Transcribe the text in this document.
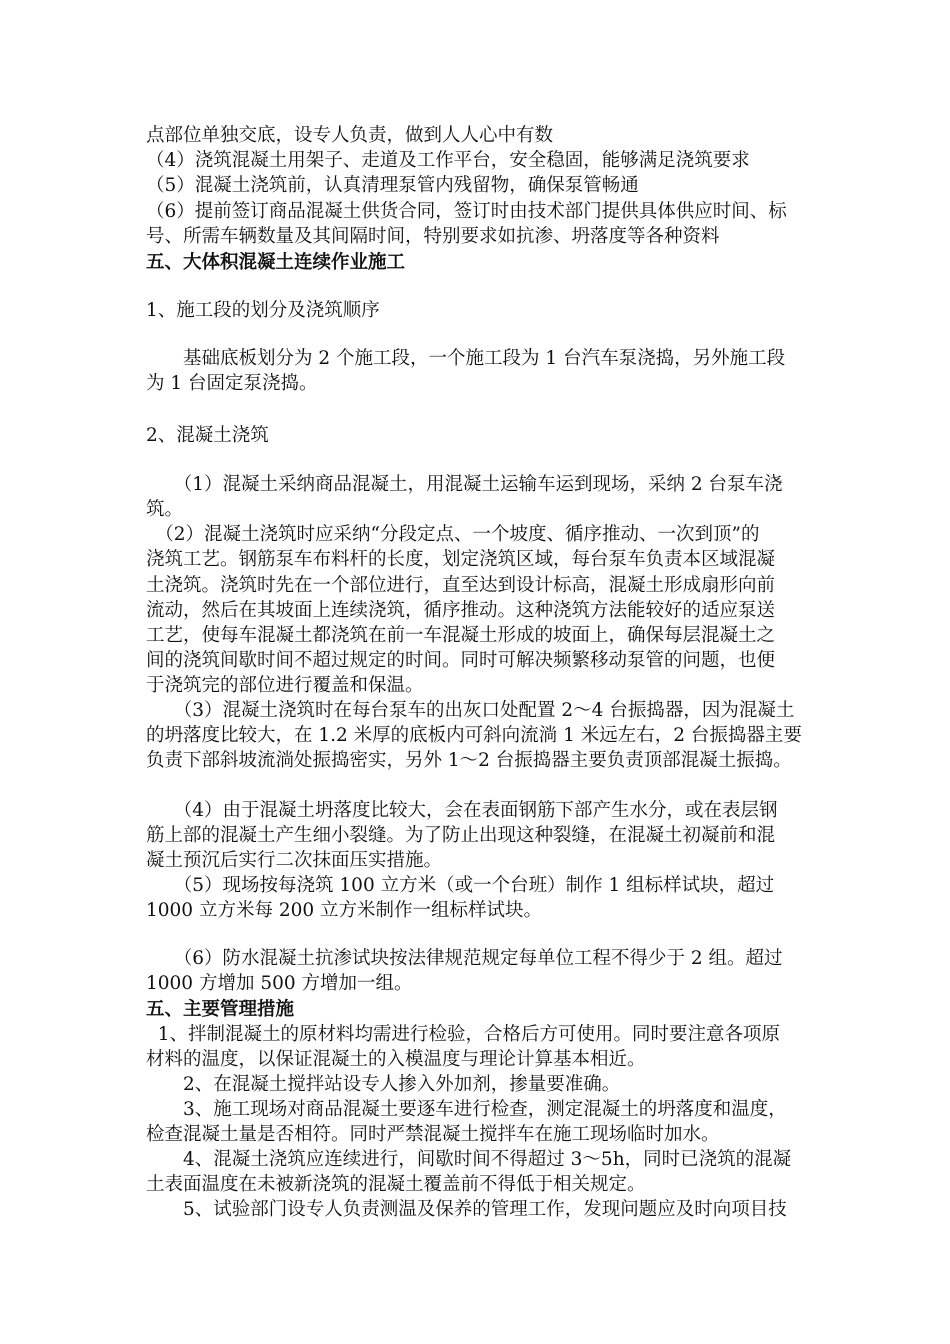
点部位单独交底，设专人负责，做到人人心中有数
（4）浇筑混凝土用架子、走道及工作平台，安全稳固，能够满足浇筑要求
（5）混凝土浇筑前，认真清理泵管内残留物，确保泵管畅通
（6）提前签订商品混凝土供货合同，签订时由技术部门提供具体供应时间、标
号、所需车辆数量及其间隔时间，特别要求如抗渗、坍落度等各种资料
五、大体积混凝土连续作业施工
1、施工段的划分及浇筑顺序
　　基础底板划分为 2 个施工段，一个施工段为 1 台汽车泵浇捣，另外施工段
为 1 台固定泵浇捣。
2、混凝土浇筑
　　（1）混凝土采纳商品混凝土，用混凝土运输车运到现场，采纳 2 台泵车浇
筑。
　（2）混凝土浇筑时应采纳“分段定点、一个坡度、循序推动、一次到顶”的
浇筑工艺。钢筋泵车布料杆的长度，划定浇筑区域，每台泵车负责本区域混凝
土浇筑。浇筑时先在一个部位进行，直至达到设计标高，混凝土形成扇形向前
流动，然后在其坡面上连续浇筑，循序推动。这种浇筑方法能较好的适应泵送
工艺，使每车混凝土都浇筑在前一车混凝土形成的坡面上，确保每层混凝土之
间的浇筑间歇时间不超过规定的时间。同时可解决频繁移动泵管的问题，也便
于浇筑完的部位进行覆盖和保温。
　　（3）混凝土浇筑时在每台泵车的出灰口处配置 2～4 台振捣器，因为混凝土
的坍落度比较大，在 1.2 米厚的底板内可斜向流淌 1 米远左右，2 台振捣器主要
负责下部斜坡流淌处振捣密实，另外 1～2 台振捣器主要负责顶部混凝土振捣。
　　（4）由于混凝土坍落度比较大，会在表面钢筋下部产生水分，或在表层钢
筋上部的混凝土产生细小裂缝。为了防止出现这种裂缝，在混凝土初凝前和混
凝土预沉后实行二次抹面压实措施。
　　（5）现场按每浇筑 100 立方米（或一个台班）制作 1 组标样试块，超过
1000 立方米每 200 立方米制作一组标样试块。
　　（6）防水混凝土抗渗试块按法律规范规定每单位工程不得少于 2 组。超过
1000 方增加 500 方增加一组。
五、主要管理措施
1、拌制混凝土的原材料均需进行检验，合格后方可使用。同时要注意各项原
材料的温度，以保证混凝土的入模温度与理论计算基本相近。
　　2、在混凝土搅拌站设专人掺入外加剂，掺量要准确。
　　3、施工现场对商品混凝土要逐车进行检查，测定混凝土的坍落度和温度，
检查混凝土量是否相符。同时严禁混凝土搅拌车在施工现场临时加水。
　　4、混凝土浇筑应连续进行，间歇时间不得超过 3～5h，同时已浇筑的混凝
土表面温度在未被新浇筑的混凝土覆盖前不得低于相关规定。
　　5、试验部门设专人负责测温及保养的管理工作，发现问题应及时向项目技
